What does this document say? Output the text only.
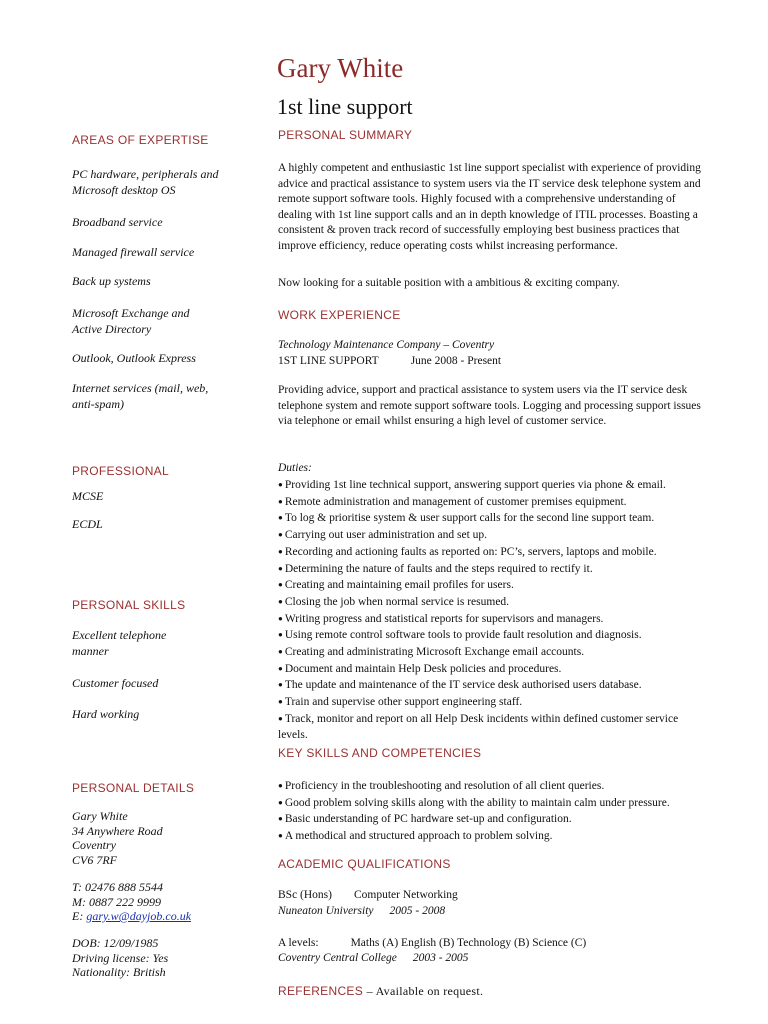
Gary White
1st line support
AREAS OF EXPERTISE
PC hardware, peripherals and Microsoft desktop OS
Broadband service
Managed firewall service
Back up systems
Microsoft Exchange and Active Directory
Outlook, Outlook Express
Internet services (mail, web, anti-spam)
PROFESSIONAL
MCSE
ECDL
PERSONAL SKILLS
Excellent telephone manner
Customer focused
Hard working
PERSONAL DETAILS
Gary White
34 Anywhere Road
Coventry
CV6 7RF
T: 02476 888 5544
M: 0887 222 9999
E: gary.w@dayjob.co.uk
DOB: 12/09/1985
Driving license: Yes
Nationality: British
PERSONAL SUMMARY
A highly competent and enthusiastic 1st line support specialist with experience of providing advice and practical assistance to system users via the IT service desk telephone system and remote support software tools. Highly focused with a comprehensive understanding of dealing with 1st line support calls and an in depth knowledge of ITIL processes. Boasting a consistent & proven track record of successfully employing best business practices that improve efficiency, reduce operating costs whilst increasing performance.
Now looking for a suitable position with a ambitious & exciting company.
WORK EXPERIENCE
Technology Maintenance Company – Coventry
1ST LINE SUPPORT	June 2008 - Present
Providing advice, support and practical assistance to system users via the IT service desk telephone system and remote support software tools. Logging and processing support issues via telephone or email whilst ensuring a high level of customer service.
Duties:
● Providing 1st line technical support, answering support queries via phone & email.
● Remote administration and management of customer premises equipment.
● To log & prioritise system & user support calls for the second line support team.
● Carrying out user administration and set up.
● Recording and actioning faults as reported on: PC’s, servers, laptops and mobile.
● Determining the nature of faults and the steps required to rectify it.
● Creating and maintaining email profiles for users.
● Closing the job when normal service is resumed.
● Writing progress and statistical reports for supervisors and managers.
● Using remote control software tools to provide fault resolution and diagnosis.
● Creating and administrating Microsoft Exchange email accounts.
● Document and maintain Help Desk policies and procedures.
● The update and maintenance of the IT service desk authorised users database.
● Train and supervise other support engineering staff.
● Track, monitor and report on all Help Desk incidents within defined customer service levels.
KEY SKILLS AND COMPETENCIES
● Proficiency in the troubleshooting and resolution of all client queries.
● Good problem solving skills along with the ability to maintain calm under pressure.
● Basic understanding of PC hardware set-up and configuration.
● A methodical and structured approach to problem solving.
ACADEMIC QUALIFICATIONS
BSc (Hons) Computer Networking
Nuneaton University 2005 - 2008
A levels:	Maths (A) English (B) Technology (B) Science (C)
Coventry Central College 2003 - 2005
REFERENCES – Available on request.
